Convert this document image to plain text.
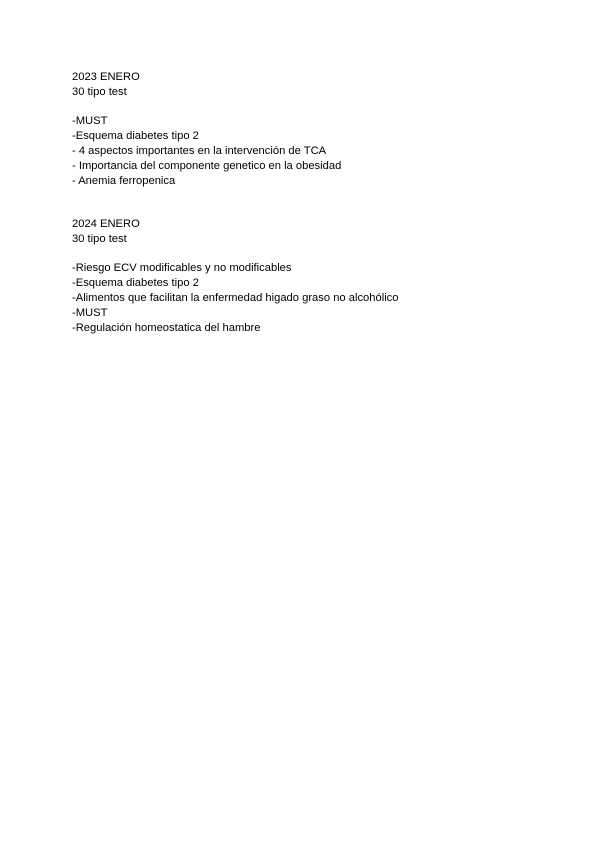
2023 ENERO

30 tipo test

-MUST

-Esquema diabetes tipo 2

- 4 aspectos importantes en la intervención de TCA

- Importancia del componente genetico en la obesidad

- Anemia ferropenica

2024 ENERO

30 tipo test

-Riesgo ECV modificables y no modificables

-Esquema diabetes tipo 2

-Alimentos que facilitan la enfermedad higado graso no alcohólico

-MUST

-Regulación homeostatica del hambre
